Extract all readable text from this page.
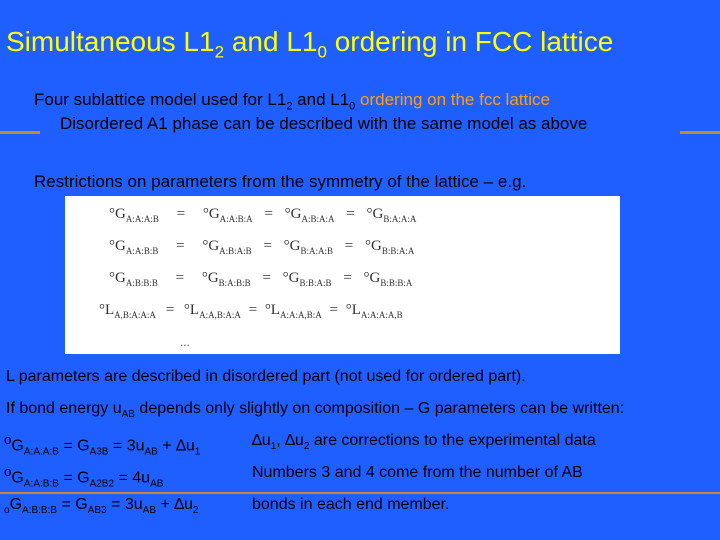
Simultaneous $L1_2$ and $L1_0$ ordering in FCC lattice
Four sublattice model used for $L1_2$ and $L1_0$ ordering on the fcc lattice
Disordered A1 phase can be described with the same model as above
Restrictions on parameters from the symmetry of the lattice – e.g.
$^\circ G_{A:A:A:B} = ^\circ G_{A:A:B:A} = ^\circ G_{A:B:A:A} = ^\circ G_{B:A:A:A}$
$^\circ G_{A:A:B:B} = ^\circ G_{A:B:A:B} = ^\circ G_{B:A:A:B} = ^\circ G_{B:B:A:A}$
$^\circ G_{A:B:B:B} = ^\circ G_{B:A:B:B} = ^\circ G_{B:B:A:B} = ^\circ G_{B:B:B:A}$
$^\circ L_{A,B:A:A:A} = ^\circ L_{A:A,B:A:A} = ^\circ L_{A:A:A,B:A} = ^\circ L_{A:A:A:A,B}$
...
L parameters are described in disordered part (not used for ordered part).
If bond energy $u_{AB}$ depends only slightly on composition – G parameters can be written:
$^oG_{A:A:A:B} = G_{A3B} = 3u_{AB} + \Delta u_1$
$^oG_{A:A:B:B} = G_{A2B2} = 4u_{AB}$
$_oG_{A:B:B:B} = G_{AB3} = 3u_{AB} + \Delta u_2$
$\Delta u_1$, $\Delta u_2$ are corrections to the experimental data
Numbers 3 and 4 come from the number of AB
bonds in each end member.
